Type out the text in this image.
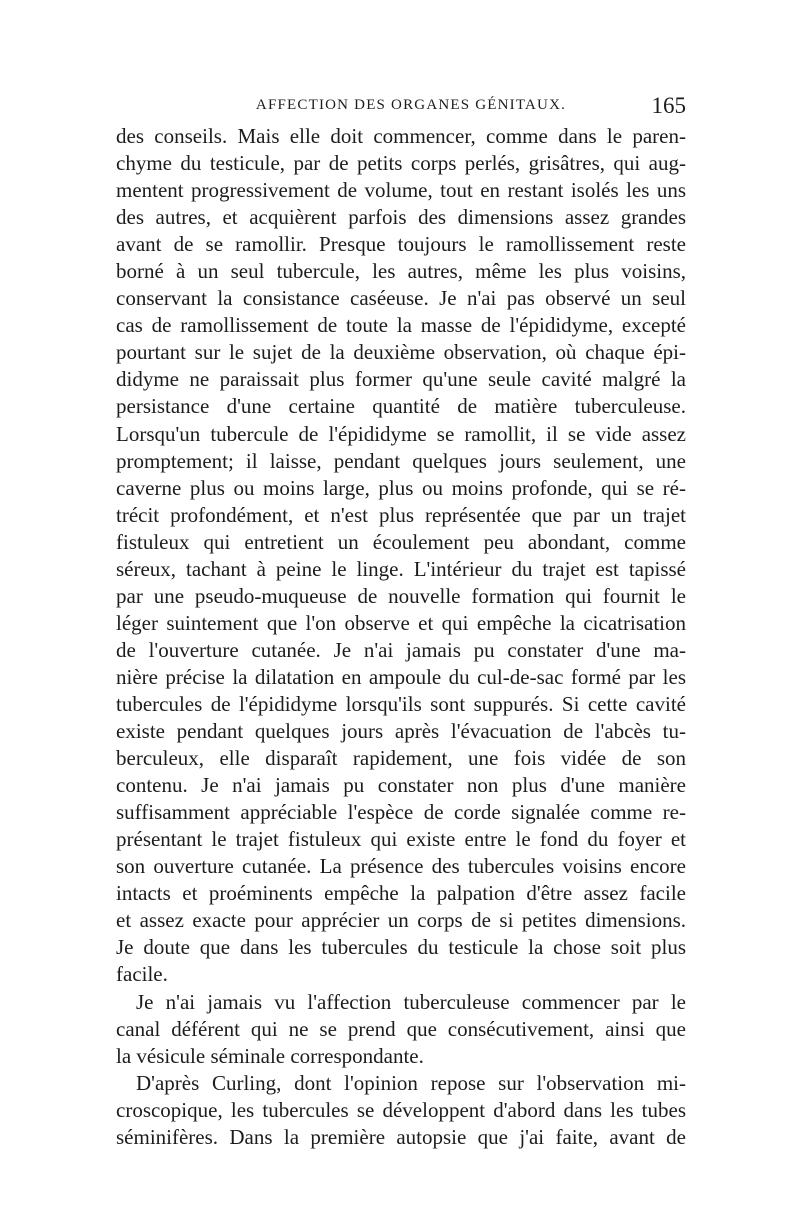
AFFECTION DES ORGANES GÉNITAUX.	165
des conseils. Mais elle doit commencer, comme dans le paren-
chyme du testicule, par de petits corps perlés, grisâtres, qui aug-
mentent progressivement de volume, tout en restant isolés les uns
des autres, et acquièrent parfois des dimensions assez grandes
avant de se ramollir. Presque toujours le ramollissement reste
borné à un seul tubercule, les autres, même les plus voisins,
conservant la consistance caséeuse. Je n'ai pas observé un seul
cas de ramollissement de toute la masse de l'épididyme, excepté
pourtant sur le sujet de la deuxième observation, où chaque épi-
didyme ne paraissait plus former qu'une seule cavité malgré la
persistance d'une certaine quantité de matière tuberculeuse.
Lorsqu'un tubercule de l'épididyme se ramollit, il se vide assez
promptement; il laisse, pendant quelques jours seulement, une
caverne plus ou moins large, plus ou moins profonde, qui se ré-
trécit profondément, et n'est plus représentée que par un trajet
fistuleux qui entretient un écoulement peu abondant, comme
séreux, tachant à peine le linge. L'intérieur du trajet est tapissé
par une pseudo-muqueuse de nouvelle formation qui fournit le
léger suintement que l'on observe et qui empêche la cicatrisation
de l'ouverture cutanée. Je n'ai jamais pu constater d'une ma-
nière précise la dilatation en ampoule du cul-de-sac formé par les
tubercules de l'épididyme lorsqu'ils sont suppurés. Si cette cavité
existe pendant quelques jours après l'évacuation de l'abcès tu-
berculeux, elle disparaît rapidement, une fois vidée de son
contenu. Je n'ai jamais pu constater non plus d'une manière
suffisamment appréciable l'espèce de corde signalée comme re-
présentant le trajet fistuleux qui existe entre le fond du foyer et
son ouverture cutanée. La présence des tubercules voisins encore
intacts et proéminents empêche la palpation d'être assez facile
et assez exacte pour apprécier un corps de si petites dimensions.
Je doute que dans les tubercules du testicule la chose soit plus
facile.
Je n'ai jamais vu l'affection tuberculeuse commencer par le
canal déférent qui ne se prend que consécutivement, ainsi que
la vésicule séminale correspondante.
D'après Curling, dont l'opinion repose sur l'observation mi-
croscopique, les tubercules se développent d'abord dans les tubes
séminifères. Dans la première autopsie que j'ai faite, avant de
